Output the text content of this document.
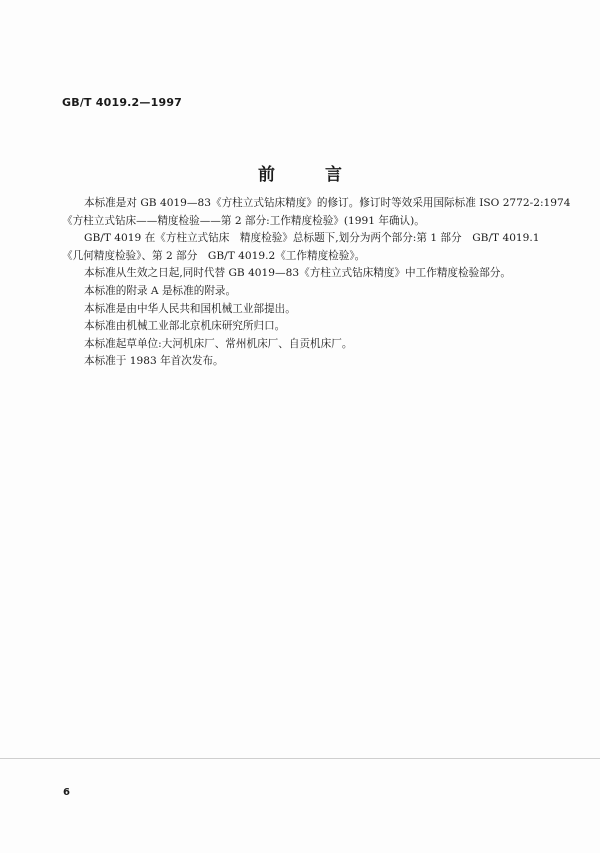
GB/T 4019.2—1997
前 言

本标准是对 GB 4019—83《方柱立式钻床精度》的修订。修订时等效采用国际标准 ISO 2772-2:1974

《方柱立式钻床——精度检验——第 2 部分:工作精度检验》(1991 年确认)。

GB/T 4019 在《方柱立式钻床　精度检验》总标题下,划分为两个部分:第 1 部分　GB/T 4019.1

《几何精度检验》、第 2 部分　GB/T 4019.2《工作精度检验》。

本标准从生效之日起,同时代替 GB 4019—83《方柱立式钻床精度》中工作精度检验部分。

本标准的附录 A 是标准的附录。

本标准是由中华人民共和国机械工业部提出。

本标准由机械工业部北京机床研究所归口。

本标准起草单位:大河机床厂、常州机床厂、自贡机床厂。

本标准于 1983 年首次发布。

6
